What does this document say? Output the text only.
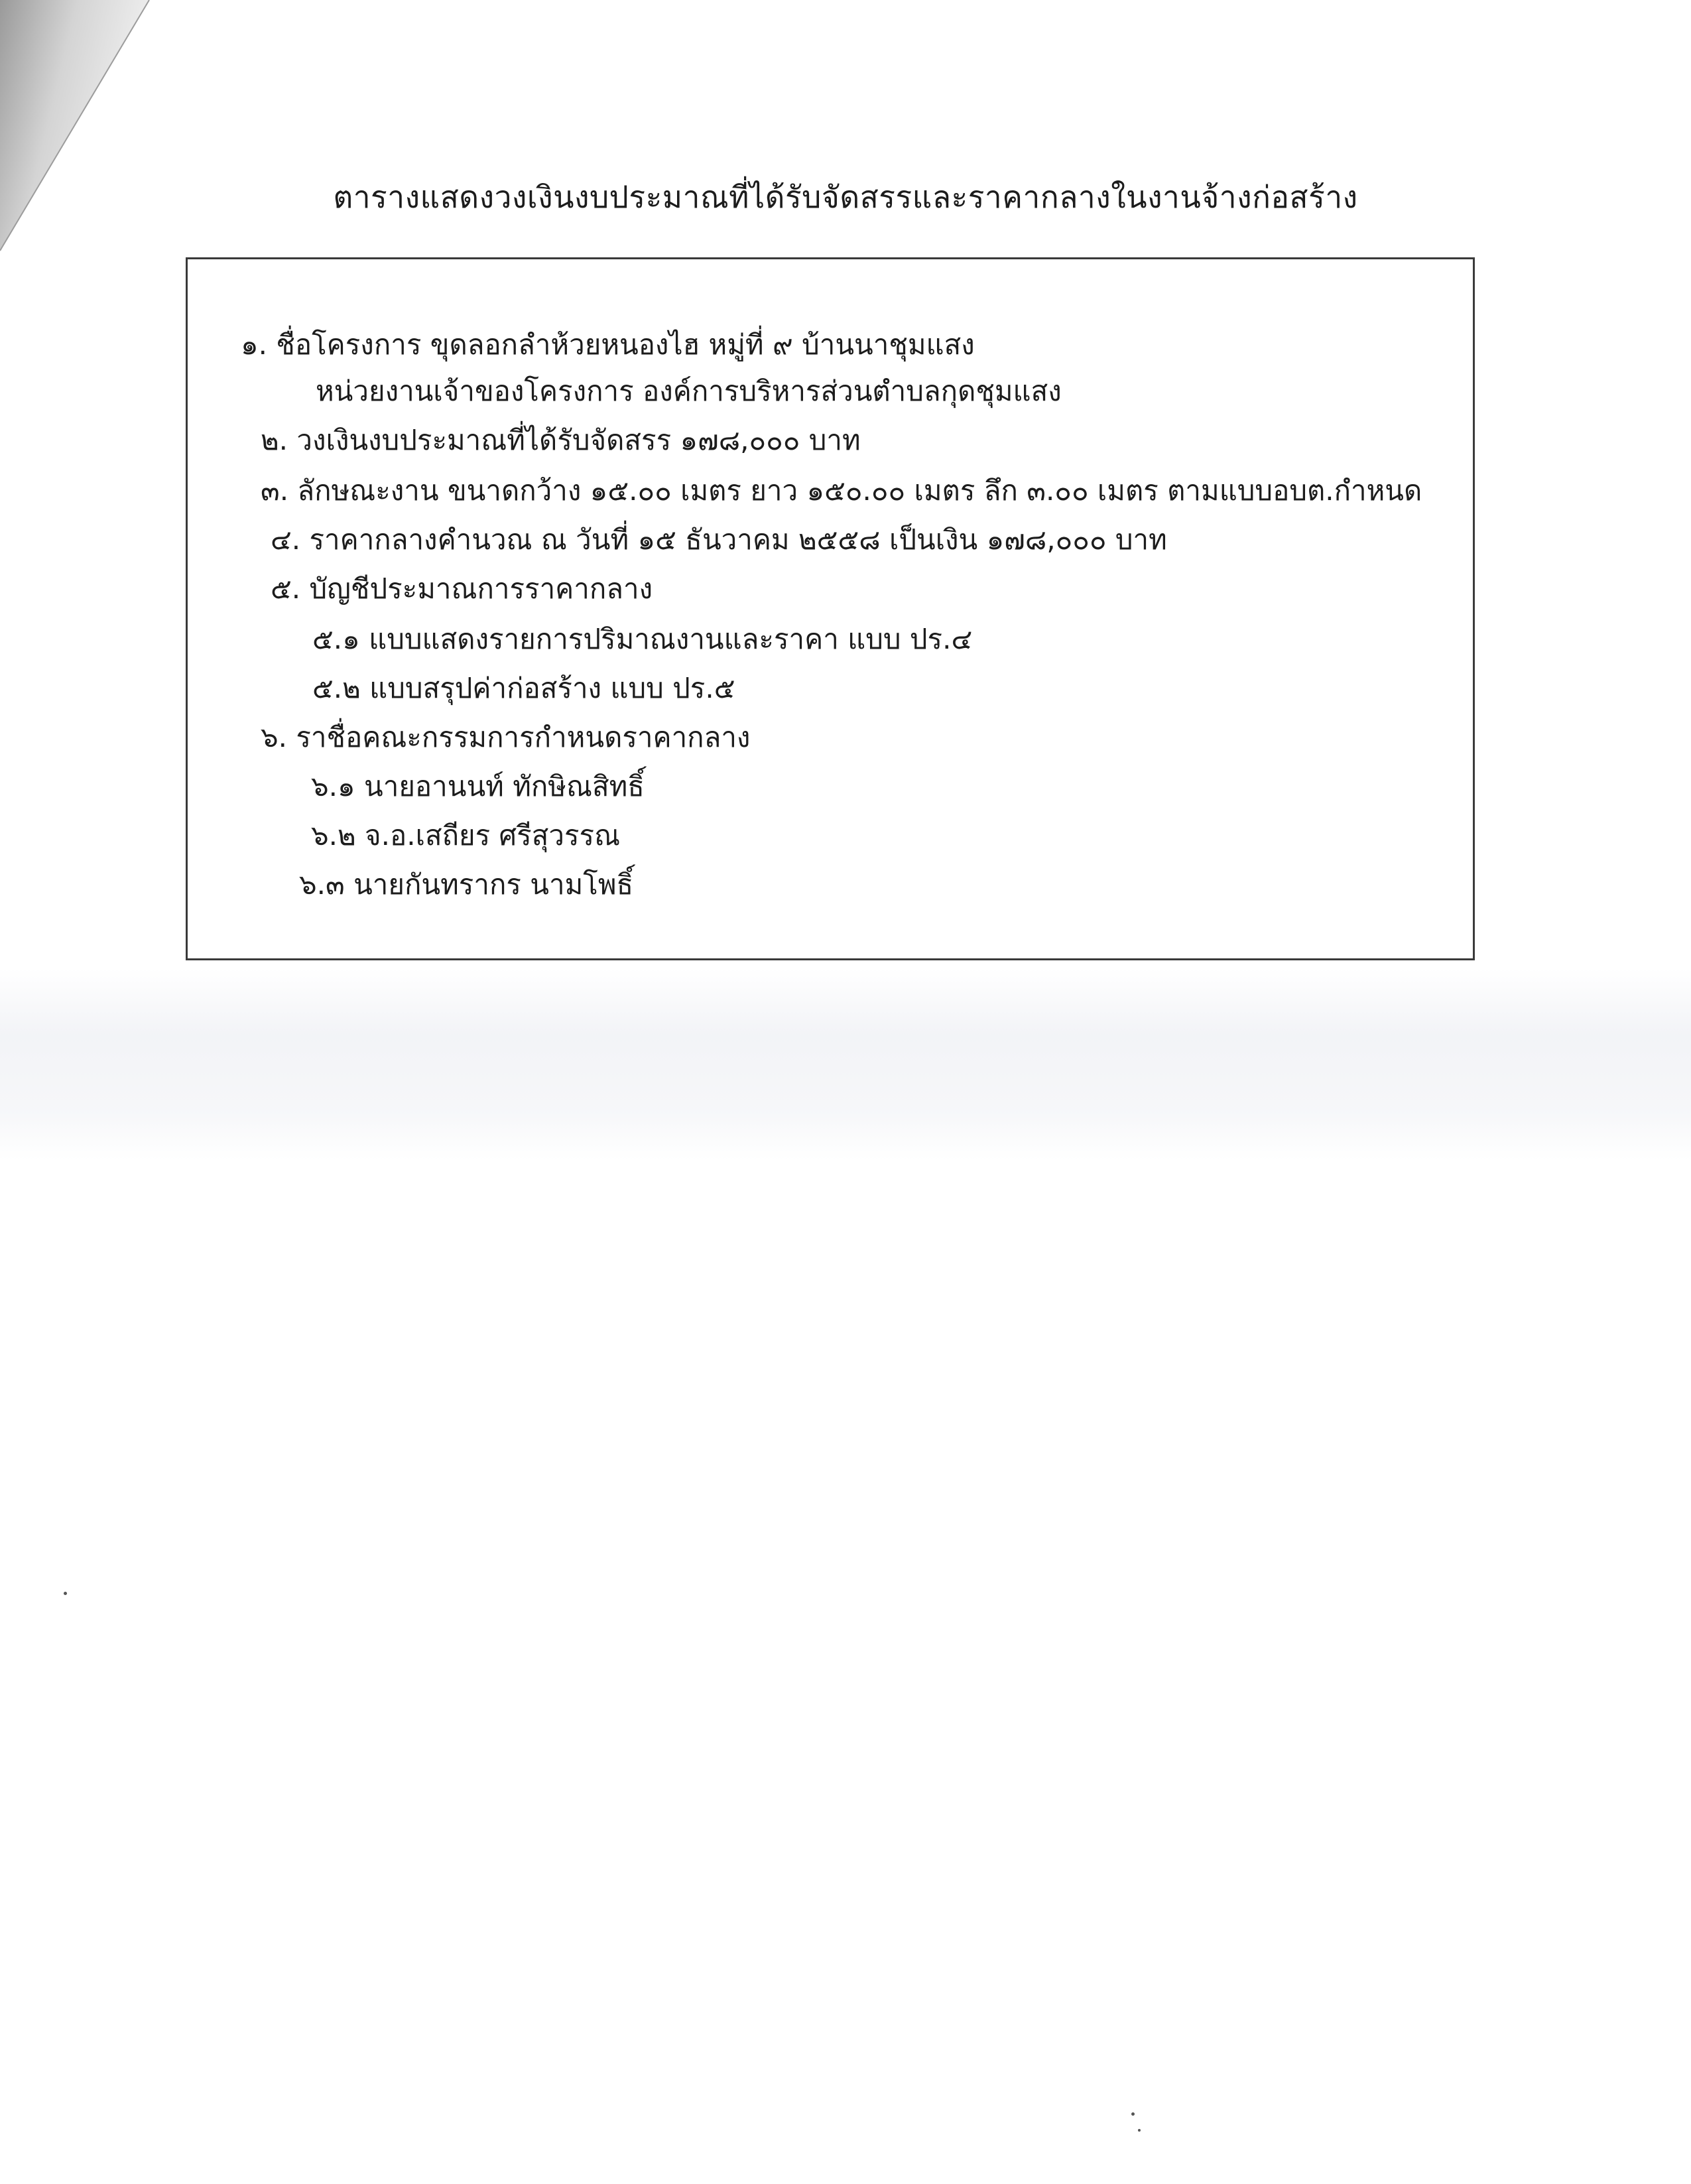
ตารางแสดงวงเงินงบประมาณที่ได้รับจัดสรรและราคากลางในงานจ้างก่อสร้าง
๑. ชื่อโครงการ ขุดลอกลำห้วยหนองไฮ หมู่ที่ ๙ บ้านนาชุมแสง
หน่วยงานเจ้าของโครงการ องค์การบริหารส่วนตำบลกุดชุมแสง
๒. วงเงินงบประมาณที่ได้รับจัดสรร ๑๗๘,๐๐๐ บาท
๓. ลักษณะงาน ขนาดกว้าง ๑๕.๐๐ เมตร ยาว ๑๕๐.๐๐ เมตร ลึก ๓.๐๐ เมตร ตามแบบอบต.กำหนด
๔. ราคากลางคำนวณ ณ วันที่ ๑๕ ธันวาคม ๒๕๕๘ เป็นเงิน ๑๗๘,๐๐๐ บาท
๕. บัญชีประมาณการราคากลาง
๕.๑ แบบแสดงรายการปริมาณงานและราคา แบบ ปร.๔
๕.๒ แบบสรุปค่าก่อสร้าง แบบ ปร.๕
๖. ราชื่อคณะกรรมการกำหนดราคากลาง
๖.๑ นายอานนท์ ทักษิณสิทธิ์
๖.๒ จ.อ.เสถียร ศรีสุวรรณ
๖.๓ นายกันทรากร นามโพธิ์
